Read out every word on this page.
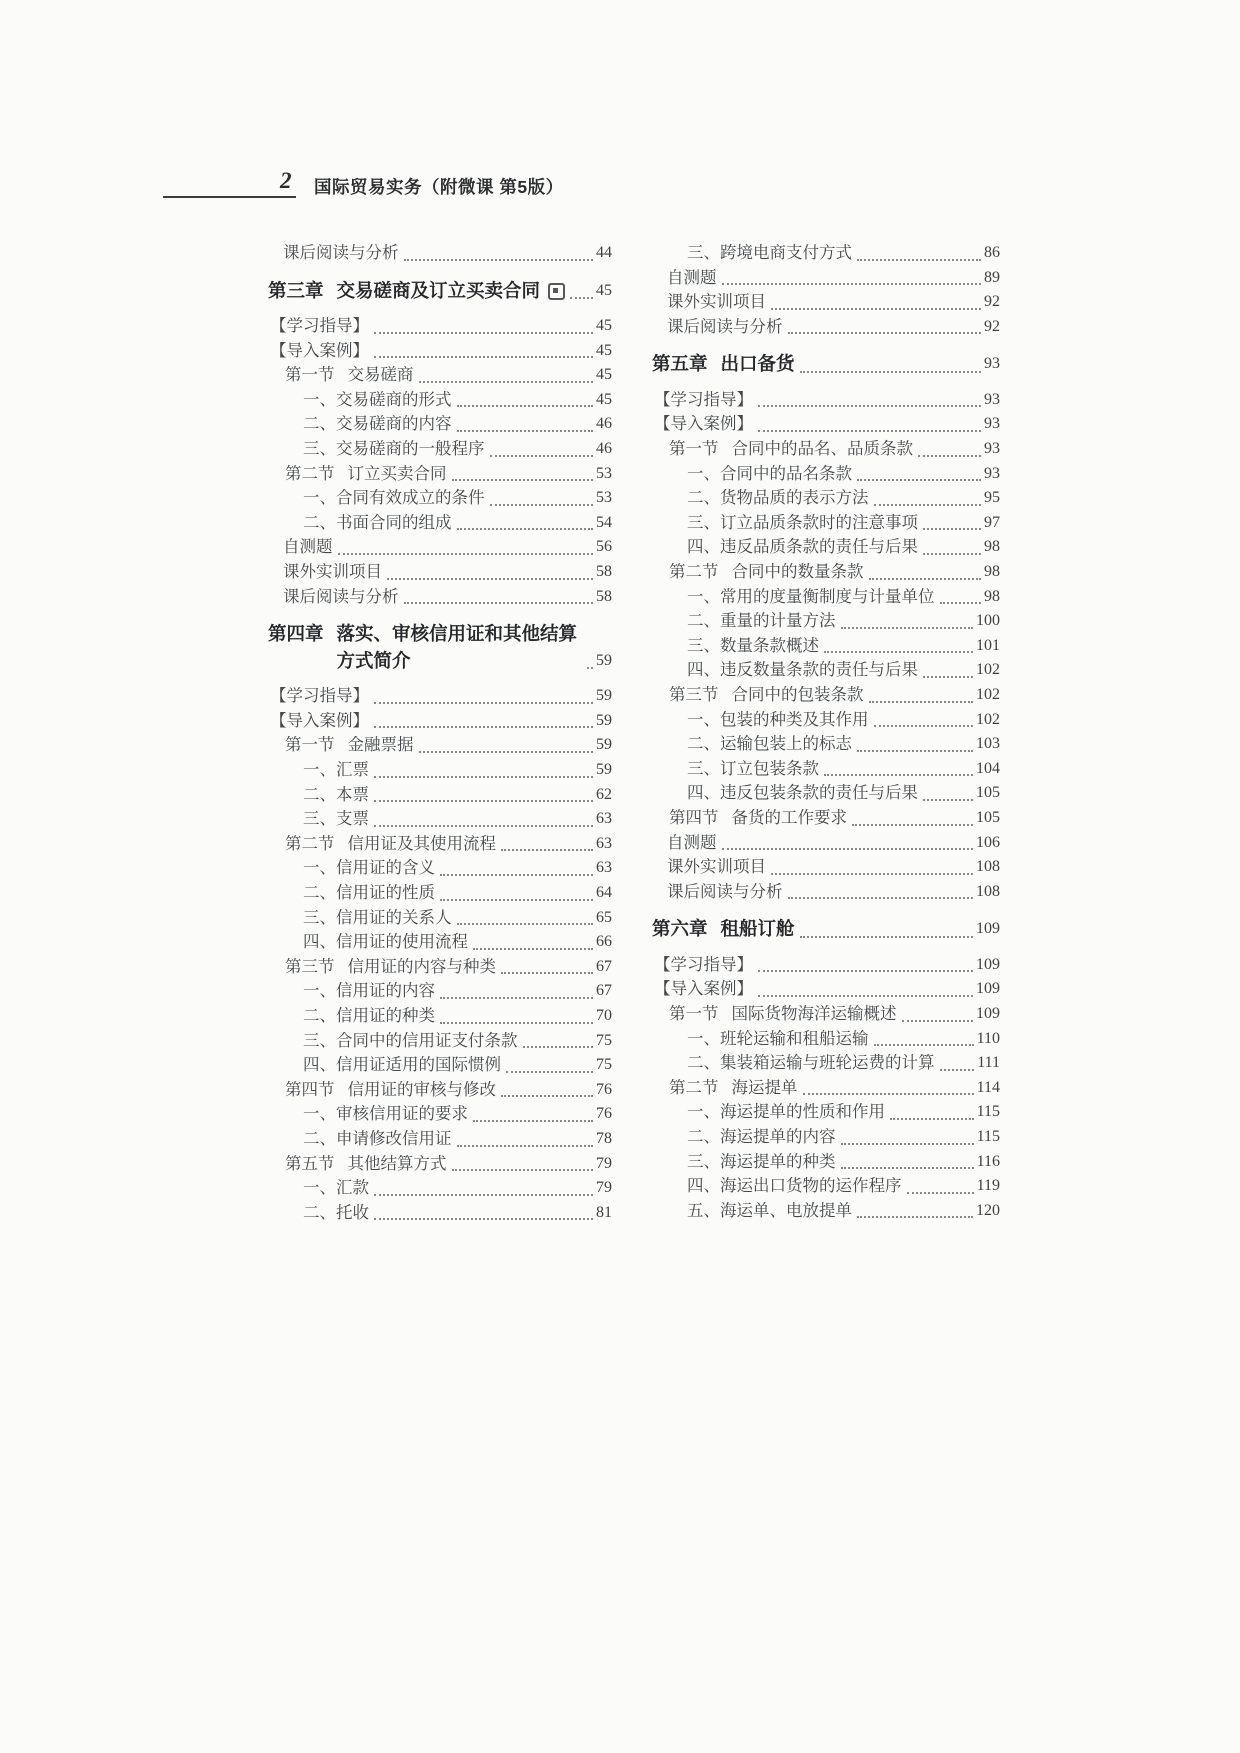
2 国际贸易实务（附微课 第5版）
课后阅读与分析	44
第三章 交易磋商及订立买卖合同	45
【学习指导】	45
【导入案例】	45
第一节 交易磋商	45
一、交易磋商的形式	45
二、交易磋商的内容	46
三、交易磋商的一般程序	46
第二节 订立买卖合同	53
一、合同有效成立的条件	53
二、书面合同的组成	54
自测题	56
课外实训项目	58
课后阅读与分析	58
第四章 落实、审核信用证和其他结算方式简介	59
【学习指导】	59
【导入案例】	59
第一节 金融票据	59
一、汇票	59
二、本票	62
三、支票	63
第二节 信用证及其使用流程	63
一、信用证的含义	63
二、信用证的性质	64
三、信用证的关系人	65
四、信用证的使用流程	66
第三节 信用证的内容与种类	67
一、信用证的内容	67
二、信用证的种类	70
三、合同中的信用证支付条款	75
四、信用证适用的国际惯例	75
第四节 信用证的审核与修改	76
一、审核信用证的要求	76
二、申请修改信用证	78
第五节 其他结算方式	79
一、汇款	79
二、托收	81
三、跨境电商支付方式	86
自测题	89
课外实训项目	92
课后阅读与分析	92
第五章 出口备货	93
【学习指导】	93
【导入案例】	93
第一节 合同中的品名、品质条款	93
一、合同中的品名条款	93
二、货物品质的表示方法	95
三、订立品质条款时的注意事项	97
四、违反品质条款的责任与后果	98
第二节 合同中的数量条款	98
一、常用的度量衡制度与计量单位	98
二、重量的计量方法	100
三、数量条款概述	101
四、违反数量条款的责任与后果	102
第三节 合同中的包装条款	102
一、包装的种类及其作用	102
二、运输包装上的标志	103
三、订立包装条款	104
四、违反包装条款的责任与后果	105
第四节 备货的工作要求	105
自测题	106
课外实训项目	108
课后阅读与分析	108
第六章 租船订舱	109
【学习指导】	109
【导入案例】	109
第一节 国际货物海洋运输概述	109
一、班轮运输和租船运输	110
二、集装箱运输与班轮运费的计算	111
第二节 海运提单	114
一、海运提单的性质和作用	115
二、海运提单的内容	115
三、海运提单的种类	116
四、海运出口货物的运作程序	119
五、海运单、电放提单	120
